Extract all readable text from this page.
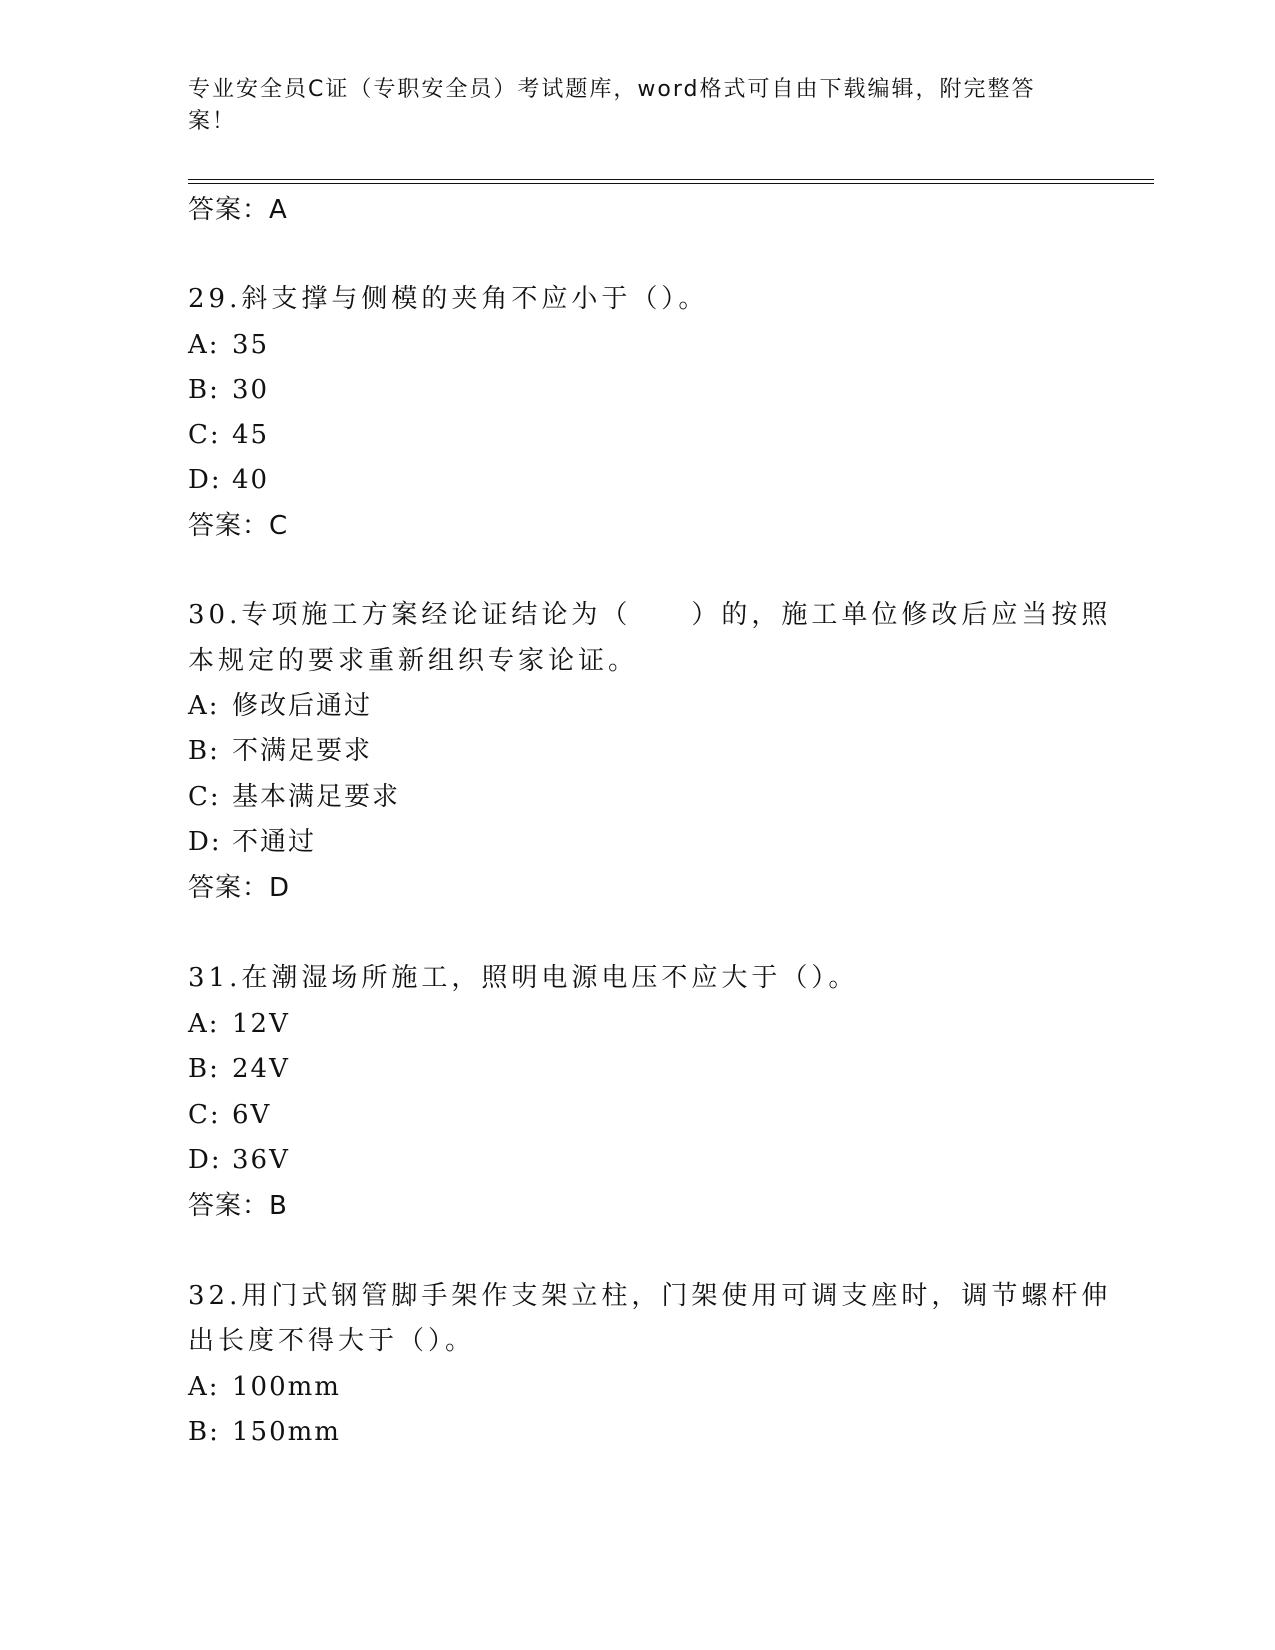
专业安全员C证（专职安全员）考试题库，word格式可自由下载编辑，附完整答
案！
答案：A
29.斜支撑与侧模的夹角不应小于（）。
A: 35
B: 30
C: 45
D: 40
答案：C
30.专项施工方案经论证结论为（　　）的，施工单位修改后应当按照
本规定的要求重新组织专家论证。
A: 修改后通过
B: 不满足要求
C: 基本满足要求
D: 不通过
答案：D
31.在潮湿场所施工，照明电源电压不应大于（）。
A: 12V
B: 24V
C: 6V
D: 36V
答案：B
32.用门式钢管脚手架作支架立柱，门架使用可调支座时，调节螺杆伸
出长度不得大于（）。
A: 100mm
B: 150mm
